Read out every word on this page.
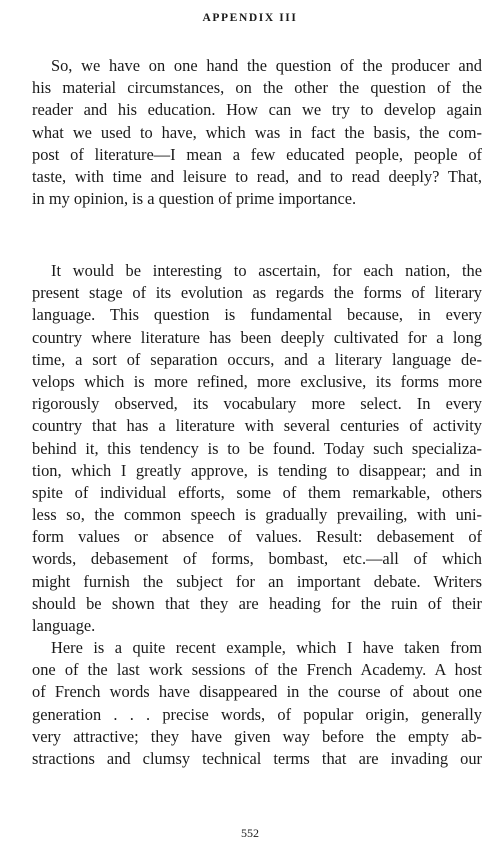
APPENDIX III
So, we have on one hand the question of the producer and
his material circumstances, on the other the question of the
reader and his education. How can we try to develop again
what we used to have, which was in fact the basis, the com-
post of literature—I mean a few educated people, people of
taste, with time and leisure to read, and to read deeply? That,
in my opinion, is a question of prime importance.
It would be interesting to ascertain, for each nation, the
present stage of its evolution as regards the forms of literary
language. This question is fundamental because, in every
country where literature has been deeply cultivated for a long
time, a sort of separation occurs, and a literary language de-
velops which is more refined, more exclusive, its forms more
rigorously observed, its vocabulary more select. In every
country that has a literature with several centuries of activity
behind it, this tendency is to be found. Today such specializa-
tion, which I greatly approve, is tending to disappear; and in
spite of individual efforts, some of them remarkable, others
less so, the common speech is gradually prevailing, with uni-
form values or absence of values. Result: debasement of
words, debasement of forms, bombast, etc.—all of which
might furnish the subject for an important debate. Writers
should be shown that they are heading for the ruin of their
language.
Here is a quite recent example, which I have taken from
one of the last work sessions of the French Academy. A host
of French words have disappeared in the course of about one
generation . . . precise words, of popular origin, generally
very attractive; they have given way before the empty ab-
stractions and clumsy technical terms that are invading our
552
